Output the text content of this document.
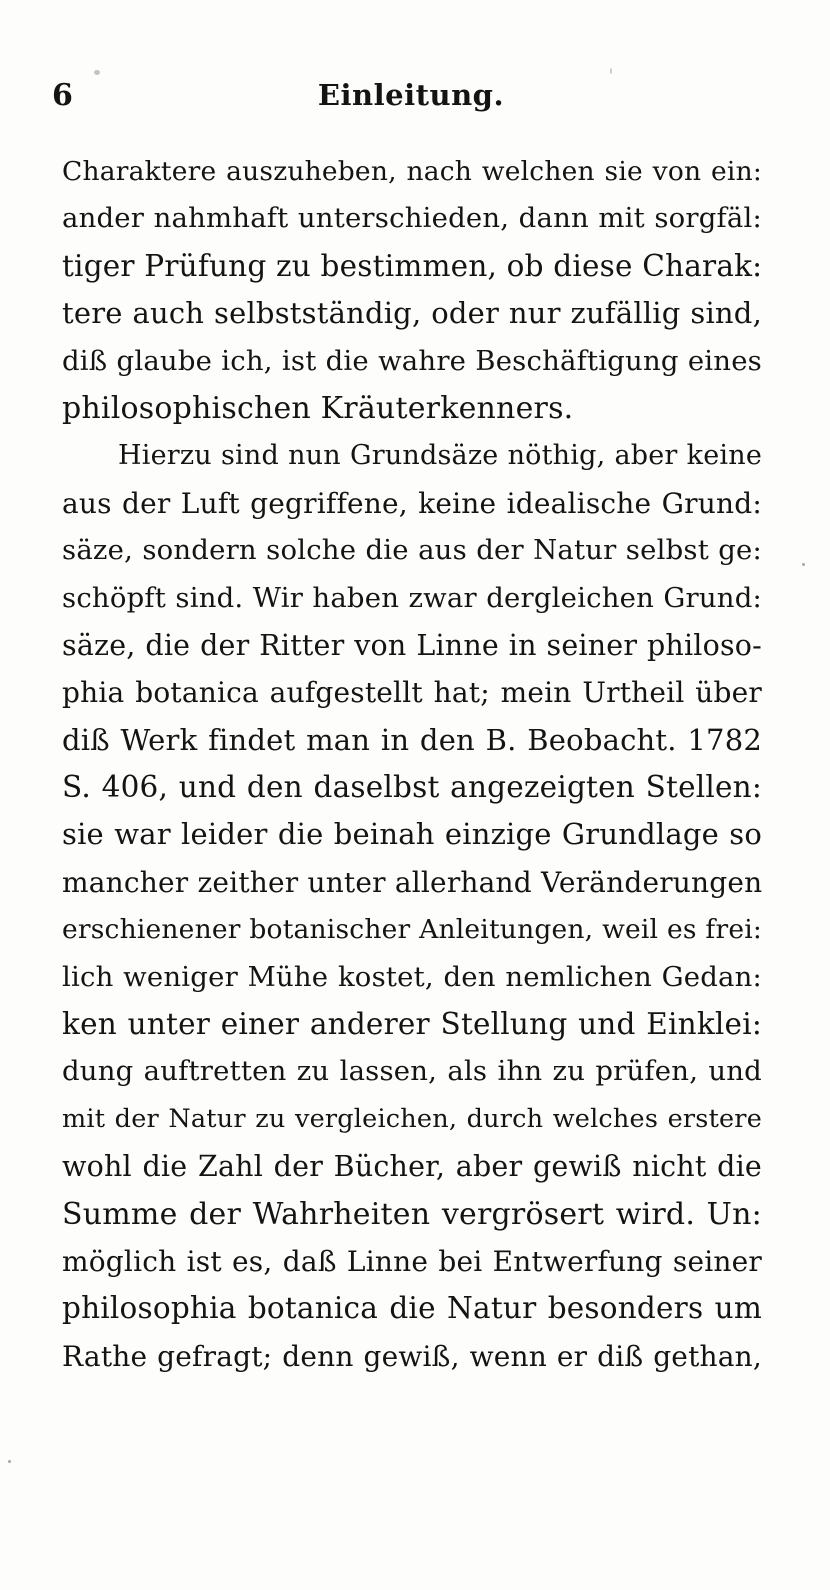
6	Einleitung.
Charaktere auszuheben, nach welchen sie von ein:
ander nahmhaft unterschieden, dann mit sorgfäl:
tiger Prüfung zu bestimmen, ob diese Charak:
tere auch selbstständig, oder nur zufällig sind,
diß glaube ich, ist die wahre Beschäftigung eines
philosophischen Kräuterkenners.
Hierzu sind nun Grundsäze nöthig, aber keine
aus der Luft gegriffene, keine idealische Grund:
säze, sondern solche die aus der Natur selbst ge:
schöpft sind. Wir haben zwar dergleichen Grund:
säze, die der Ritter von Linne in seiner philoso-
phia botanica aufgestellt hat; mein Urtheil über
diß Werk findet man in den B. Beobacht. 1782
S. 406, und den daselbst angezeigten Stellen:
sie war leider die beinah einzige Grundlage so
mancher zeither unter allerhand Veränderungen
erschienener botanischer Anleitungen, weil es frei:
lich weniger Mühe kostet, den nemlichen Gedan:
ken unter einer anderer Stellung und Einklei:
dung auftretten zu lassen, als ihn zu prüfen, und
mit der Natur zu vergleichen, durch welches erstere
wohl die Zahl der Bücher, aber gewiß nicht die
Summe der Wahrheiten vergrösert wird. Un:
möglich ist es, daß Linne bei Entwerfung seiner
philosophia botanica die Natur besonders um
Rathe gefragt; denn gewiß, wenn er diß gethan,
